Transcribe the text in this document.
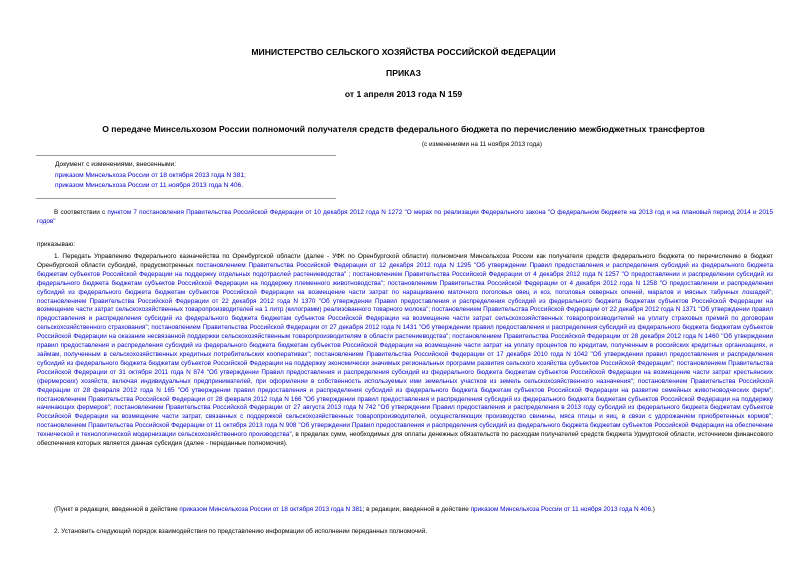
МИНИСТЕРСТВО СЕЛЬСКОГО ХОЗЯЙСТВА РОССИЙСКОЙ ФЕДЕРАЦИИ
ПРИКАЗ
от 1 апреля 2013 года N 159
О передаче Минсельхозом России полномочий получателя средств федерального бюджета по перечислению межбюджетных трансфертов
(с изменениями на 11 ноября 2013 года)
Документ с изменениями, внесенными:
приказом Минсельхоза России от 18 октября 2013 года N 381;
приказом Минсельхоза России от 11 ноября 2013 года N 406.
В соответствии с пунктом 7 постановления Правительства Российской Федерации от 10 декабря 2012 года N 1272 "О мерах по реализации Федерального закона "О федеральном бюджете на 2013 год и на плановый период 2014 и 2015 годов"
приказываю:
1. Передать Управлению Федерального казначейства по Оренбургской области (далее - УФК по Оренбургской области) полномочия Минсельхоза России как получателя средств федерального бюджета по перечислению в бюджет Оренбургской области субсидий, предусмотренных постановлением Правительства Российской Федерации от 12 декабря 2012 года N 1295 "Об утверждении Правил предоставления и распределения субсидий из федерального бюджета бюджетам субъектов Российской Федерации на поддержку отдельных подотраслей растениеводства" ; постановлением Правительства Российской Федерации от 4 декабря 2012 года N 1257 "О предоставлении и распределении субсидий из федерального бюджета бюджетам субъектов Российской Федерации на поддержку племенного животноводства"; постановлением Правительства Российской Федерации от 4 декабря 2012 года N 1258 "О предоставлении и распределении субсидий из федерального бюджета бюджетам субъектов Российской Федерации на возмещение части затрат по наращиванию маточного поголовья овец и коз, поголовья северных оленей, маралов и мясных табунных лошадей"; постановлением Правительства Российской Федерации от 22 декабря 2012 года N 1370 "Об утверждении Правил предоставления и распределения субсидий из федерального бюджета бюджетам субъектов Российской Федерации на возмещение части затрат сельскохозяйственных товаропроизводителей на 1 литр (килограмм) реализованного товарного молока"; постановлением Правительства Российской Федерации от 22 декабря 2012 года N 1371 "Об утверждении правил предоставления и распределения субсидий из федерального бюджета бюджетам субъектов Российской Федерации на возмещение части затрат сельскохозяйственных товаропроизводителей на уплату страховых премий по договорам сельскохозяйственного страхования"; постановлением Правительства Российской Федерации от 27 декабря 2012 года N 1431 "Об утверждении правил предоставления и распределения субсидий из федерального бюджета бюджетам субъектов Российской Федерации на оказание несвязанной поддержки сельскохозяйственным товаропроизводителям в области растениеводства"; постановлением Правительства Российской Федерации от 28 декабря 2012 года N 1460 "Об утверждении правил предоставления и распределения субсидий из федерального бюджета бюджетам субъектов Российской Федерации на возмещение части затрат на уплату процентов по кредитам, полученным в российских кредитных организациях, и займам, полученным в сельскохозяйственных кредитных потребительских кооперативах"; постановлением Правительства Российской Федерации от 17 декабря 2010 года N 1042 "Об утверждении правил предоставления и распределения субсидий из федерального бюджета бюджетам субъектов Российской Федерации на поддержку экономически значимых региональных программ развития сельского хозяйства субъектов Российской Федерации"; постановлением Правительства Российской Федерации от 31 октября 2011 года N 874 "Об утверждении Правил предоставления и распределения субсидий из федерального бюджета бюджетам субъектов Российской Федерации на возмещение части затрат крестьянских (фермерских) хозяйств, включая индивидуальных предпринимателей, при оформлении в собственность используемых ими земельных участков из земель сельскохозяйственного назначения"; постановлением Правительства Российской Федерации от 28 февраля 2012 года N 165 "Об утверждении правил предоставления и распределения субсидий из федерального бюджета бюджетам субъектов Российской Федерации на развитие семейных животноводческих ферм"; постановлением Правительства Российской Федерации от 28 февраля 2012 года N 166 "Об утверждении правил предоставления и распределения субсидий из федерального бюджета бюджетам субъектов Российской Федерации на поддержку начинающих фермеров"; постановлением Правительства Российской Федерации от 27 августа 2013 года N 742 "Об утверждении Правил предоставления и распределения в 2013 году субсидий из федерального бюджета бюджетам субъектов Российской Федерации на возмещение части затрат, связанных с поддержкой сельскохозяйственных товаропроизводителей, осуществляющих производство свинины, мяса птицы и яиц, в связи с удорожанием приобретенных кормов"; постановлением Правительства Российской Федерации от 11 октября 2013 года N 908 "Об утверждении Правил предоставления и распределения субсидий из федерального бюджета бюджетам субъектов Российской Федерации на обеспечение технической и технологической модернизации сельскохозяйственного производства", в пределах сумм, необходимых для оплаты денежных обязательств по расходам получателей средств бюджета Удмуртской области, источником финансового обеспечения которых является данная субсидия (далее - переданные полномочия).
(Пункт в редакции, введенной в действие приказом Минсельхоза России от 18 октября 2013 года N 381; в редакции, введенной в действие приказом Минсельхоза России от 11 ноября 2013 года N 406.)
2. Установить следующий порядок взаимодействия по представлению информации об исполнении переданных полномочий.
